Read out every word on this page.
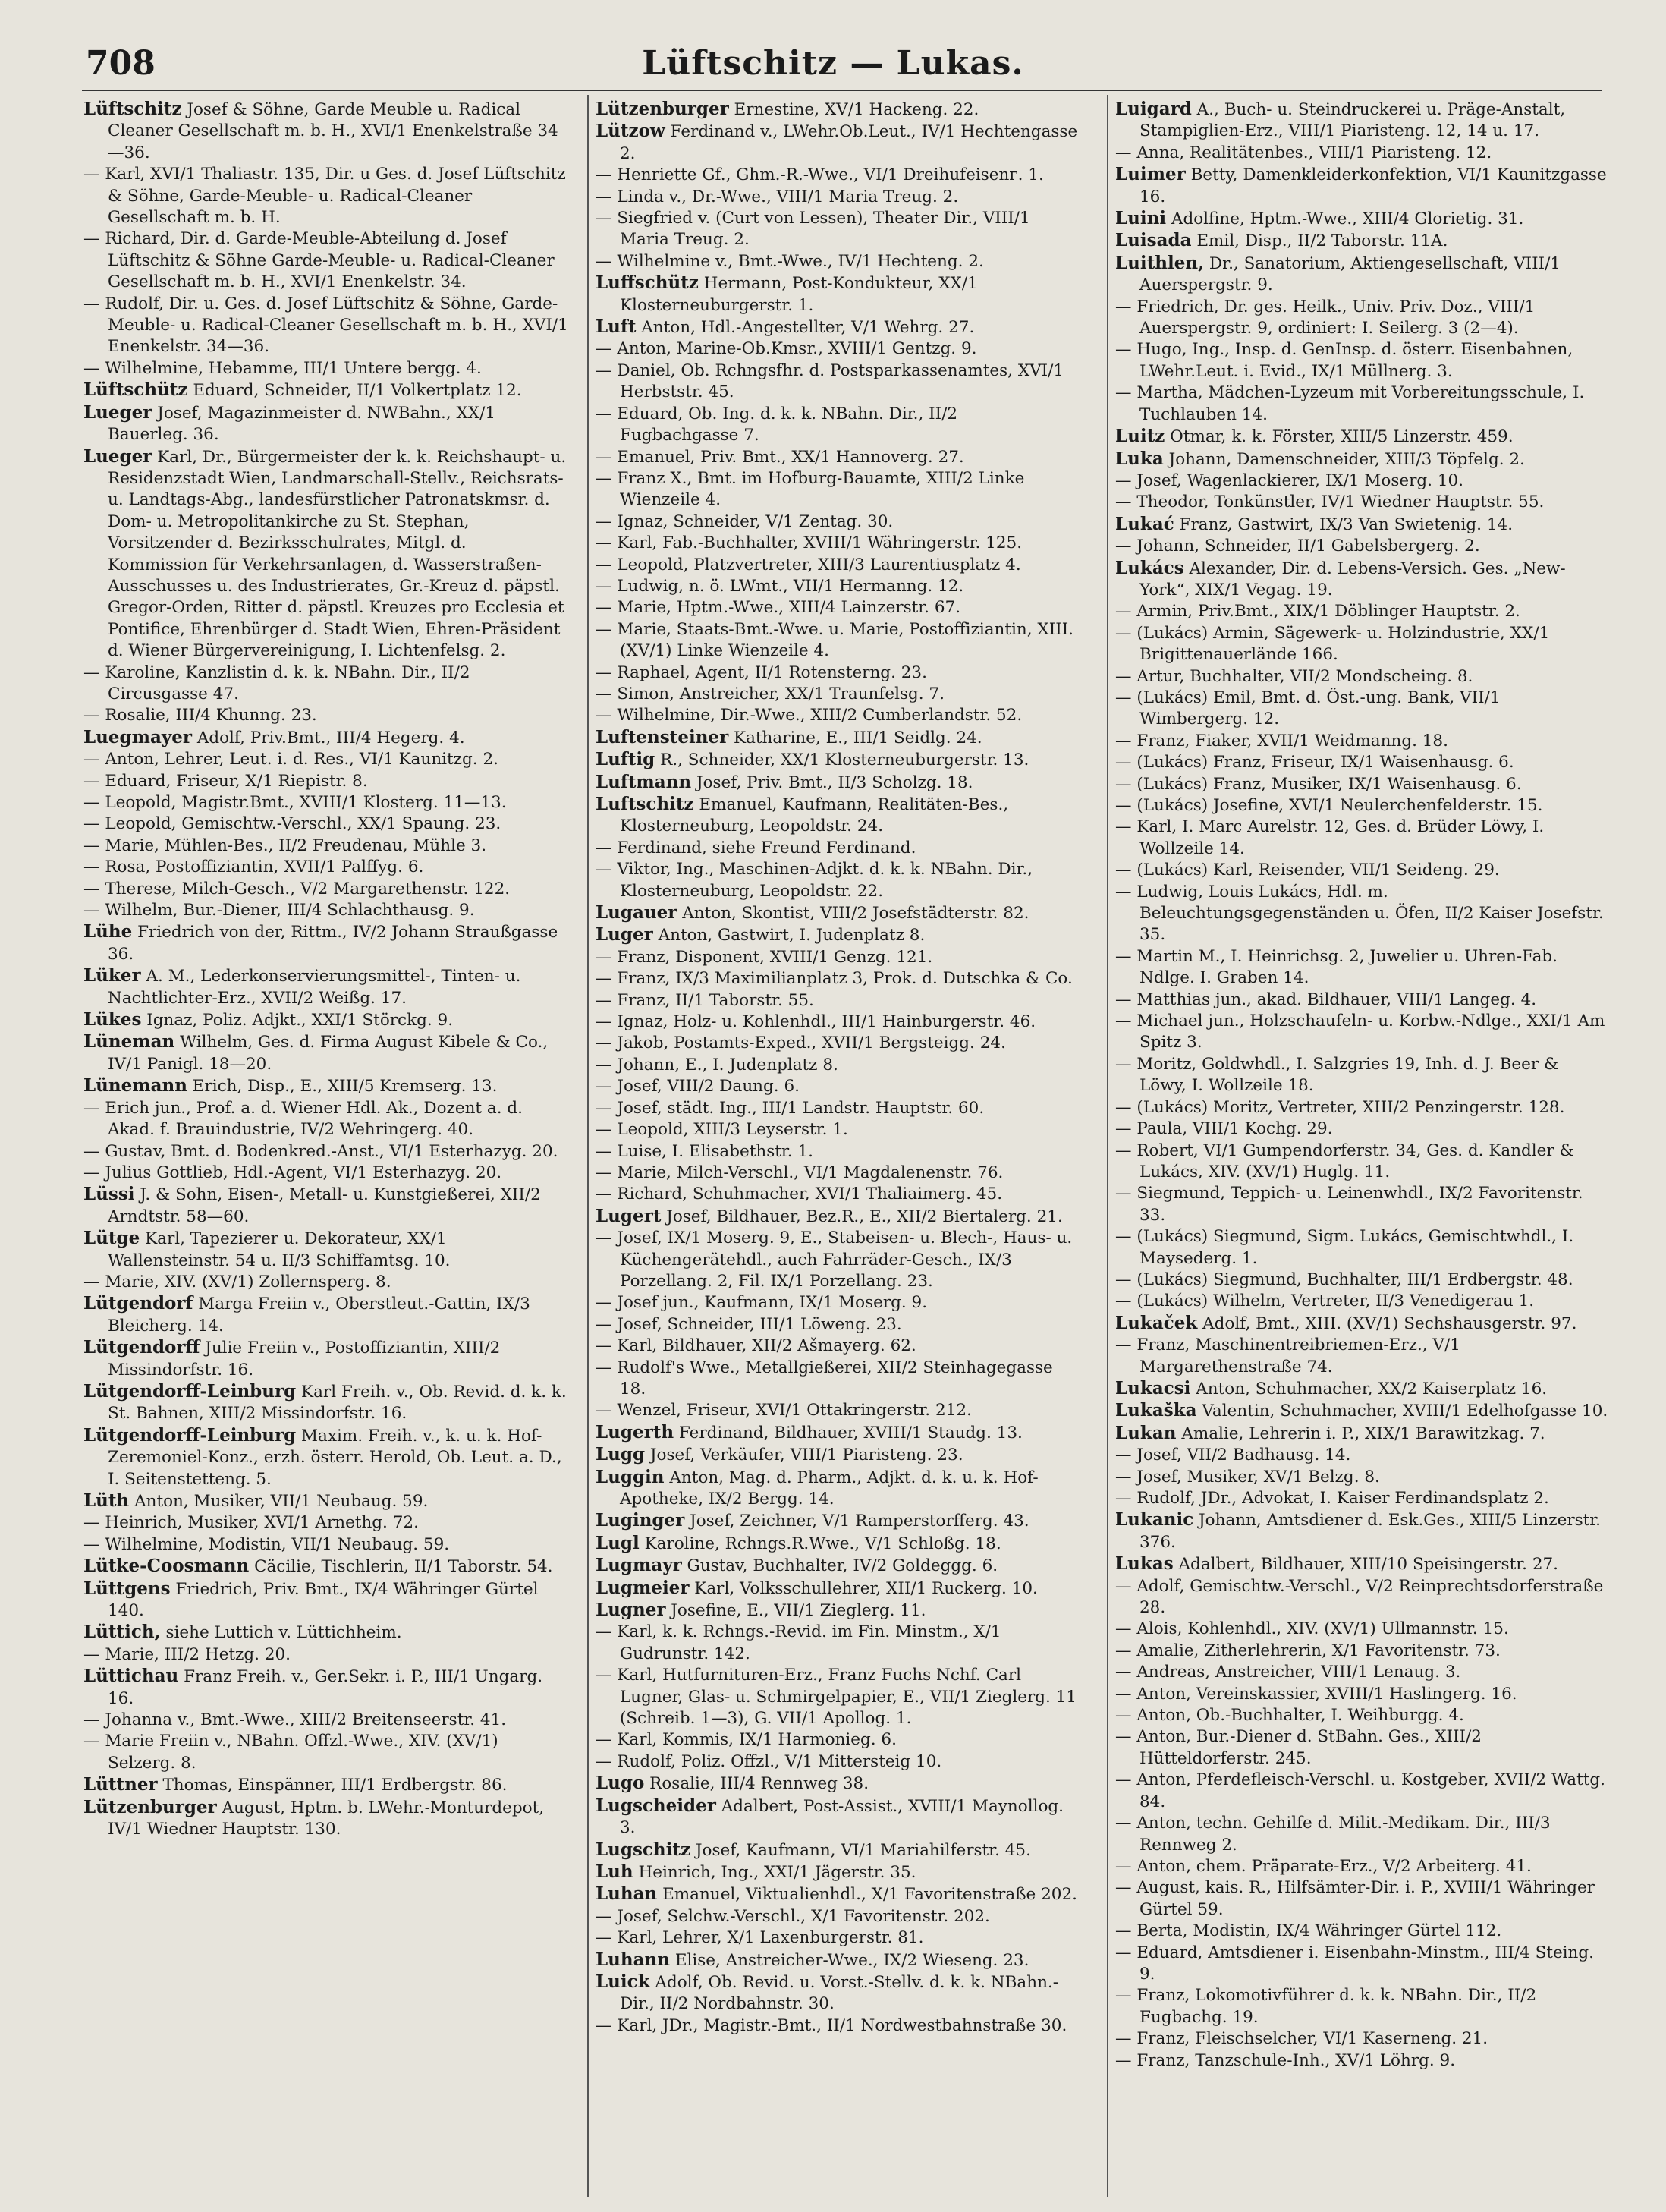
708	Lüftschitz — Lukas.
Lüftschitz Josef & Söhne, Garde Meuble u. Radical Cleaner Gesellschaft m. b. H., XVI/1 Enenkelstraße 34—36.
— Karl, XVI/1 Thaliastr. 135, Dir. u Ges. d. Josef Lüftschitz & Söhne, Garde-Meuble- u. Radical-Cleaner Gesellschaft m. b. H.
— Richard, Dir. d. Garde-Meuble-Abteilung d. Josef Lüftschitz & Söhne Garde-Meuble- u. Radical-Cleaner Gesellschaft m. b. H., XVI/1 Enenkelstr. 34.
— Rudolf, Dir. u. Ges. d. Josef Lüftschitz & Söhne, Garde-Meuble- u. Radical-Cleaner Gesellschaft m. b. H., XVI/1 Enenkelstr. 34—36.
— Wilhelmine, Hebamme, III/1 Untere bergg. 4.
Lüftschütz Eduard, Schneider, II/1 Volkertplatz 12.
Lueger Josef, Magazinmeister d. NWBahn., XX/1 Bauerleg. 36.
Lueger Karl, Dr., Bürgermeister der k. k. Reichshaupt- u. Residenzstadt Wien, Landmarschall-Stellv., Reichsrats- u. Landtags-Abg., landesfürstlicher Patronatskmsr. d. Dom- u. Metropolitankirche zu St. Stephan, Vorsitzender d. Bezirksschulrates, Mitgl. d. Kommission für Verkehrsanlagen, d. Wasserstraßen-Ausschusses u. des Industrierates, Gr.-Kreuz d. päpstl. Gregor-Orden, Ritter d. päpstl. Kreuzes pro Ecclesia et Pontifice, Ehrenbürger d. Stadt Wien, Ehren-Präsident d. Wiener Bürgervereinigung, I. Lichtenfelsg. 2.
— Karoline, Kanzlistin d. k. k. NBahn. Dir., II/2 Circusgasse 47.
— Rosalie, III/4 Khunng. 23.
Luegmayer Adolf, Priv.Bmt., III/4 Hegerg. 4.
— Anton, Lehrer, Leut. i. d. Res., VI/1 Kaunitzg. 2.
— Eduard, Friseur, X/1 Riepistr. 8.
— Leopold, Magistr.Bmt., XVIII/1 Klosterg. 11—13.
— Leopold, Gemischtw.-Verschl., XX/1 Spaung. 23.
— Marie, Mühlen-Bes., II/2 Freudenau, Mühle 3.
— Rosa, Postoffiziantin, XVII/1 Palffyg. 6.
— Therese, Milch-Gesch., V/2 Margarethenstr. 122.
— Wilhelm, Bur.-Diener, III/4 Schlachthausg. 9.
Lühe Friedrich von der, Rittm., IV/2 Johann Straußgasse 36.
Lüker A. M., Lederkonservierungsmittel-, Tinten- u. Nachtlichter-Erz., XVII/2 Weißg. 17.
Lükes Ignaz, Poliz. Adjkt., XXI/1 Störckg. 9.
Lüneman Wilhelm, Ges. d. Firma August Kibele & Co., IV/1 Panigl. 18—20.
Lünemann Erich, Disp., E., XIII/5 Kremserg. 13.
— Erich jun., Prof. a. d. Wiener Hdl. Ak., Dozent a. d. Akad. f. Brauindustrie, IV/2 Wehringerg. 40.
— Gustav, Bmt. d. Bodenkred.-Anst., VI/1 Esterhazyg. 20.
— Julius Gottlieb, Hdl.-Agent, VI/1 Esterhazyg. 20.
Lüssi J. & Sohn, Eisen-, Metall- u. Kunstgießerei, XII/2 Arndtstr. 58—60.
Lütge Karl, Tapezierer u. Dekorateur, XX/1 Wallensteinstr. 54 u. II/3 Schiffamtsg. 10.
— Marie, XIV. (XV/1) Zollernsperg. 8.
Lütgendorf Marga Freiin v., Oberstleut.-Gattin, IX/3 Bleicherg. 14.
Lütgendorff Julie Freiin v., Postoffiziantin, XIII/2 Missindorfstr. 16.
Lütgendorff-Leinburg Karl Freih. v., Ob. Revid. d. k. k. St. Bahnen, XIII/2 Missindorfstr. 16.
Lütgendorff-Leinburg Maxim. Freih. v., k. u. k. Hof-Zeremoniel-Konz., erzh. österr. Herold, Ob. Leut. a. D., I. Seitenstetteng. 5.
Lüth Anton, Musiker, VII/1 Neubaug. 59.
— Heinrich, Musiker, XVI/1 Arnethg. 72.
— Wilhelmine, Modistin, VII/1 Neubaug. 59.
Lütke-Coosmann Cäcilie, Tischlerin, II/1 Taborstr. 54.
Lüttgens Friedrich, Priv. Bmt., IX/4 Währinger Gürtel 140.
Lüttich, siehe Luttich v. Lüttichheim.
— Marie, III/2 Hetzg. 20.
Lüttichau Franz Freih. v., Ger.Sekr. i. P., III/1 Ungarg. 16.
— Johanna v., Bmt.-Wwe., XIII/2 Breitenseerstr. 41.
— Marie Freiin v., NBahn. Offzl.-Wwe., XIV. (XV/1) Selzerg. 8.
Lüttner Thomas, Einspänner, III/1 Erdbergstr. 86.
Lützenburger August, Hptm. b. LWehr.-Monturdepot, IV/1 Wiedner Hauptstr. 130.
Lützenburger Ernestine, XV/1 Hackeng. 22.
Lützow Ferdinand v., LWehr.Ob.Leut., IV/1 Hechtengasse 2.
— Henriette Gf., Ghm.-R.-Wwe., VI/1 Dreihufeisenг. 1.
— Linda v., Dr.-Wwe., VIII/1 Maria Treug. 2.
— Siegfried v. (Curt von Lessen), Theater Dir., VIII/1 Maria Treug. 2.
— Wilhelmine v., Bmt.-Wwe., IV/1 Hechteng. 2.
Luffschütz Hermann, Post-Kondukteur, XX/1 Klosterneuburgerstr. 1.
Luft Anton, Hdl.-Angestellter, V/1 Wehrg. 27.
— Anton, Marine-Ob.Kmsr., XVIII/1 Gentzg. 9.
— Daniel, Ob. Rchngsfhr. d. Postsparkassenamtes, XVI/1 Herbststr. 45.
— Eduard, Ob. Ing. d. k. k. NBahn. Dir., II/2 Fugbachgasse 7.
— Emanuel, Priv. Bmt., XX/1 Hannoverg. 27.
— Franz X., Bmt. im Hofburg-Bauamte, XIII/2 Linke Wienzeile 4.
— Ignaz, Schneider, V/1 Zentag. 30.
— Karl, Fab.-Buchhalter, XVIII/1 Währingerstr. 125.
— Leopold, Platzvertreter, XIII/3 Laurentiusplatz 4.
— Ludwig, n. ö. LWmt., VII/1 Hermanng. 12.
— Marie, Hptm.-Wwe., XIII/4 Lainzerstr. 67.
— Marie, Staats-Bmt.-Wwe. u. Marie, Postoffiziantin, XIII. (XV/1) Linke Wienzeile 4.
— Raphael, Agent, II/1 Rotensterng. 23.
— Simon, Anstreicher, XX/1 Traunfelsg. 7.
— Wilhelmine, Dir.-Wwe., XIII/2 Cumberlandstr. 52.
Luftensteiner Katharine, E., III/1 Seidlg. 24.
Luftig R., Schneider, XX/1 Klosterneuburgerstr. 13.
Luftmann Josef, Priv. Bmt., II/3 Scholzg. 18.
Luftschitz Emanuel, Kaufmann, Realitäten-Bes., Klosterneuburg, Leopoldstr. 24.
— Ferdinand, siehe Freund Ferdinand.
— Viktor, Ing., Maschinen-Adjkt. d. k. k. NBahn. Dir., Klosterneuburg, Leopoldstr. 22.
Lugauer Anton, Skontist, VIII/2 Josefstädterstr. 82.
Luger Anton, Gastwirt, I. Judenplatz 8.
— Franz, Disponent, XVIII/1 Genzg. 121.
— Franz, IX/3 Maximilianplatz 3, Prok. d. Dutschka & Co.
— Franz, II/1 Taborstr. 55.
— Ignaz, Holz- u. Kohlenhdl., III/1 Hainburgerstr. 46.
— Jakob, Postamts-Exped., XVII/1 Bergsteigg. 24.
— Johann, E., I. Judenplatz 8.
— Josef, VIII/2 Daung. 6.
— Josef, städt. Ing., III/1 Landstr. Hauptstr. 60.
— Leopold, XIII/3 Leyserstr. 1.
— Luise, I. Elisabethstr. 1.
— Marie, Milch-Verschl., VI/1 Magdalenenstr. 76.
— Richard, Schuhmacher, XVI/1 Thaliaimerg. 45.
Lugert Josef, Bildhauer, Bez.R., E., XII/2 Biertalerg. 21.
— Josef, IX/1 Moserg. 9, E., Stabeisen- u. Blech-, Haus- u. Küchengerätehdl., auch Fahrräder-Gesch., IX/3 Porzellang. 2, Fil. IX/1 Porzellang. 23.
— Josef jun., Kaufmann, IX/1 Moserg. 9.
— Josef, Schneider, III/1 Löweng. 23.
— Karl, Bildhauer, XII/2 Ašmayerg. 62.
— Rudolf's Wwe., Metallgießerei, XII/2 Steinhagegasse 18.
— Wenzel, Friseur, XVI/1 Ottakringerstr. 212.
Lugerth Ferdinand, Bildhauer, XVIII/1 Staudg. 13.
Lugg Josef, Verkäufer, VIII/1 Piaristeng. 23.
Luggin Anton, Mag. d. Pharm., Adjkt. d. k. u. k. Hof-Apotheke, IX/2 Bergg. 14.
Luginger Josef, Zeichner, V/1 Ramperstorfferg. 43.
Lugl Karoline, Rchngs.R.Wwe., V/1 Schloßg. 18.
Lugmayr Gustav, Buchhalter, IV/2 Goldeggg. 6.
Lugmeier Karl, Volksschullehrer, XII/1 Ruckerg. 10.
Lugner Josefine, E., VII/1 Zieglerg. 11.
— Karl, k. k. Rchngs.-Revid. im Fin. Minstm., X/1 Gudrunstr. 142.
— Karl, Hutfurnituren-Erz., Franz Fuchs Nchf. Carl Lugner, Glas- u. Schmirgelpapier, E., VII/1 Zieglerg. 11 (Schreib. 1—3), G. VII/1 Apollog. 1.
— Karl, Kommis, IX/1 Harmonieg. 6.
— Rudolf, Poliz. Offzl., V/1 Mittersteig 10.
Lugo Rosalie, III/4 Rennweg 38.
Lugscheider Adalbert, Post-Assist., XVIII/1 Maynollog. 3.
Lugschitz Josef, Kaufmann, VI/1 Mariahilferstr. 45.
Luh Heinrich, Ing., XXI/1 Jägerstr. 35.
Luhan Emanuel, Viktualienhdl., X/1 Favoritenstraße 202.
— Josef, Selchw.-Verschl., X/1 Favoritenstr. 202.
— Karl, Lehrer, X/1 Laxenburgerstr. 81.
Luhann Elise, Anstreicher-Wwe., IX/2 Wieseng. 23.
Luick Adolf, Ob. Revid. u. Vorst.-Stellv. d. k. k. NBahn.-Dir., II/2 Nordbahnstr. 30.
— Karl, JDr., Magistr.-Bmt., II/1 Nordwestbahnstraße 30.
Luigard A., Buch- u. Steindruckerei u. Präge-Anstalt, Stampiglien-Erz., VIII/1 Piaristeng. 12, 14 u. 17.
— Anna, Realitätenbes., VIII/1 Piaristeng. 12.
Luimer Betty, Damenkleiderkonfektion, VI/1 Kaunitzgasse 16.
Luini Adolfine, Hptm.-Wwe., XIII/4 Glorietig. 31.
Luisada Emil, Disp., II/2 Taborstr. 11A.
Luithlen, Dr., Sanatorium, Aktiengesellschaft, VIII/1 Auerspergstr. 9.
— Friedrich, Dr. ges. Heilk., Univ. Priv. Doz., VIII/1 Auerspergstr. 9, ordiniert: I. Seilerg. 3 (2—4).
— Hugo, Ing., Insp. d. GenInsp. d. österr. Eisenbahnen, LWehr.Leut. i. Evid., IX/1 Müllnerg. 3.
— Martha, Mädchen-Lyzeum mit Vorbereitungsschule, I. Tuchlauben 14.
Luitz Otmar, k. k. Förster, XIII/5 Linzerstr. 459.
Luka Johann, Damenschneider, XIII/3 Töpfelg. 2.
— Josef, Wagenlackierer, IX/1 Moserg. 10.
— Theodor, Tonkünstler, IV/1 Wiedner Hauptstr. 55.
Lukać Franz, Gastwirt, IX/3 Van Swietenig. 14.
— Johann, Schneider, II/1 Gabelsbergerg. 2.
Lukács Alexander, Dir. d. Lebens-Versich. Ges. „New-York“, XIX/1 Vegag. 19.
— Armin, Priv.Bmt., XIX/1 Döblinger Hauptstr. 2.
— (Lukács) Armin, Sägewerk- u. Holzindustrie, XX/1 Brigittenauerlände 166.
— Artur, Buchhalter, VII/2 Mondscheing. 8.
— (Lukács) Emil, Bmt. d. Öst.-ung. Bank, VII/1 Wimbergerg. 12.
— Franz, Fiaker, XVII/1 Weidmanng. 18.
— (Lukács) Franz, Friseur, IX/1 Waisenhausg. 6.
— (Lukács) Franz, Musiker, IX/1 Waisenhausg. 6.
— (Lukács) Josefine, XVI/1 Neulerchenfelderstr. 15.
— Karl, I. Marc Aurelstr. 12, Ges. d. Brüder Löwy, I. Wollzeile 14.
— (Lukács) Karl, Reisender, VII/1 Seideng. 29.
— Ludwig, Louis Lukács, Hdl. m. Beleuchtungsgegenständen u. Öfen, II/2 Kaiser Josefstr. 35.
— Martin M., I. Heinrichsg. 2, Juwelier u. Uhren-Fab. Ndlge. I. Graben 14.
— Matthias jun., akad. Bildhauer, VIII/1 Langeg. 4.
— Michael jun., Holzschaufeln- u. Korbw.-Ndlge., XXI/1 Am Spitz 3.
— Moritz, Goldwhdl., I. Salzgries 19, Inh. d. J. Beer & Löwy, I. Wollzeile 18.
— (Lukács) Moritz, Vertreter, XIII/2 Penzingerstr. 128.
— Paula, VIII/1 Kochg. 29.
— Robert, VI/1 Gumpendorferstr. 34, Ges. d. Kandler & Lukács, XIV. (XV/1) Huglg. 11.
— Siegmund, Teppich- u. Leinenwhdl., IX/2 Favoritenstr. 33.
— (Lukács) Siegmund, Sigm. Lukács, Gemischtwhdl., I. Maysederg. 1.
— (Lukács) Siegmund, Buchhalter, III/1 Erdbergstr. 48.
— (Lukács) Wilhelm, Vertreter, II/3 Venedigerau 1.
Lukaček Adolf, Bmt., XIII. (XV/1) Sechshausgerstr. 97.
— Franz, Maschinentreibriemen-Erz., V/1 Margarethenstraße 74.
Lukacsi Anton, Schuhmacher, XX/2 Kaiserplatz 16.
Lukaška Valentin, Schuhmacher, XVIII/1 Edelhofgasse 10.
Lukan Amalie, Lehrerin i. P., XIX/1 Barawitzkag. 7.
— Josef, VII/2 Badhausg. 14.
— Josef, Musiker, XV/1 Belzg. 8.
— Rudolf, JDr., Advokat, I. Kaiser Ferdinandsplatz 2.
Lukanic Johann, Amtsdiener d. Esk.Ges., XIII/5 Linzerstr. 376.
Lukas Adalbert, Bildhauer, XIII/10 Speisingerstr. 27.
— Adolf, Gemischtw.-Verschl., V/2 Reinprechtsdorferstraße 28.
— Alois, Kohlenhdl., XIV. (XV/1) Ullmannstr. 15.
— Amalie, Zitherlehrerin, X/1 Favoritenstr. 73.
— Andreas, Anstreicher, VIII/1 Lenaug. 3.
— Anton, Vereinskassier, XVIII/1 Haslingerg. 16.
— Anton, Ob.-Buchhalter, I. Weihburgg. 4.
— Anton, Bur.-Diener d. StBahn. Ges., XIII/2 Hütteldorferstr. 245.
— Anton, Pferdefleisch-Verschl. u. Kostgeber, XVII/2 Wattg. 84.
— Anton, techn. Gehilfe d. Milit.-Medikam. Dir., III/3 Rennweg 2.
— Anton, chem. Präparate-Erz., V/2 Arbeiterg. 41.
— August, kais. R., Hilfsämter-Dir. i. P., XVIII/1 Währinger Gürtel 59.
— Berta, Modistin, IX/4 Währinger Gürtel 112.
— Eduard, Amtsdiener i. Eisenbahn-Minstm., III/4 Steing. 9.
— Franz, Lokomotivführer d. k. k. NBahn. Dir., II/2 Fugbachg. 19.
— Franz, Fleischselcher, VI/1 Kaserneng. 21.
— Franz, Tanzschule-Inh., XV/1 Löhrg. 9.
